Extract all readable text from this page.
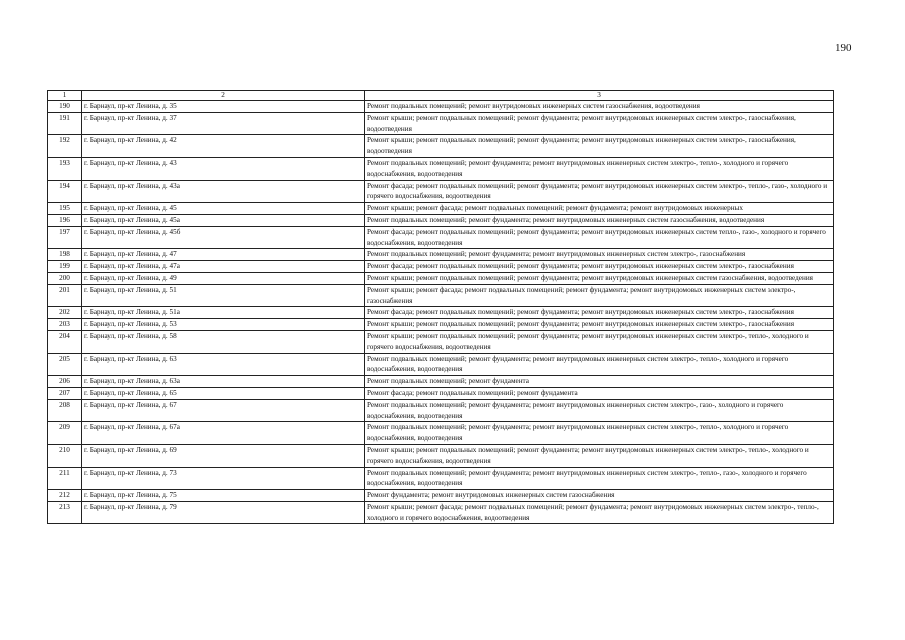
190
1	2	3
190	г. Барнаул, пр-кт Ленина, д. 35	Ремонт подвальных помещений; ремонт внутридомовых инженерных систем газоснабжения, водоотведения
191	г. Барнаул, пр-кт Ленина, д. 37	Ремонт крыши; ремонт подвальных помещений; ремонт фундамента; ремонт внутридомовых инженерных систем электро-, газоснабжения, водоотведения
192	г. Барнаул, пр-кт Ленина, д. 42	Ремонт крыши; ремонт подвальных помещений; ремонт фундамента; ремонт внутридомовых инженерных систем электро-, газоснабжения, водоотведения
193	г. Барнаул, пр-кт Ленина, д. 43	Ремонт подвальных помещений; ремонт фундамента; ремонт внутридомовых инженерных систем электро-, тепло-, холодного и горячего водоснабжения, водоотведения
194	г. Барнаул, пр-кт Ленина, д. 43а	Ремонт фасада; ремонт подвальных помещений; ремонт фундамента; ремонт внутридомовых инженерных систем электро-, тепло-, газо-, холодного и горячего водоснабжения, водоотведения
195	г. Барнаул, пр-кт Ленина, д. 45	Ремонт крыши; ремонт фасада; ремонт подвальных помещений; ремонт фундамента; ремонт внутридомовых инженерных
196	г. Барнаул, пр-кт Ленина, д. 45а	Ремонт подвальных помещений; ремонт фундамента; ремонт внутридомовых инженерных систем газоснабжения, водоотведения
197	г. Барнаул, пр-кт Ленина, д. 45б	Ремонт фасада; ремонт подвальных помещений; ремонт фундамента; ремонт внутридомовых инженерных систем тепло-, газо-, холодного и горячего водоснабжения, водоотведения
198	г. Барнаул, пр-кт Ленина, д. 47	Ремонт подвальных помещений; ремонт фундамента; ремонт внутридомовых инженерных систем электро-, газоснабжения
199	г. Барнаул, пр-кт Ленина, д. 47а	Ремонт фасада; ремонт подвальных помещений; ремонт фундамента; ремонт внутридомовых инженерных систем электро-, газоснабжения
200	г. Барнаул, пр-кт Ленина, д. 49	Ремонт крыши; ремонт подвальных помещений; ремонт фундамента; ремонт внутридомовых инженерных систем газоснабжения, водоотведения
201	г. Барнаул, пр-кт Ленина, д. 51	Ремонт крыши; ремонт фасада; ремонт подвальных помещений; ремонт фундамента; ремонт внутридомовых инженерных систем электро-, газоснабжения
202	г. Барнаул, пр-кт Ленина, д. 51а	Ремонт фасада; ремонт подвальных помещений; ремонт фундамента; ремонт внутридомовых инженерных систем электро-, газоснабжения
203	г. Барнаул, пр-кт Ленина, д. 53	Ремонт крыши; ремонт подвальных помещений; ремонт фундамента; ремонт внутридомовых инженерных систем электро-, газоснабжения
204	г. Барнаул, пр-кт Ленина, д. 58	Ремонт крыши; ремонт подвальных помещений; ремонт фундамента; ремонт внутридомовых инженерных систем электро-, тепло-, холодного и горячего водоснабжения, водоотведения
205	г. Барнаул, пр-кт Ленина, д. 63	Ремонт подвальных помещений; ремонт фундамента; ремонт внутридомовых инженерных систем электро-, тепло-, холодного и горячего водоснабжения, водоотведения
206	г. Барнаул, пр-кт Ленина, д. 63а	Ремонт подвальных помещений; ремонт фундамента
207	г. Барнаул, пр-кт Ленина, д. 65	Ремонт фасада; ремонт подвальных помещений; ремонт фундамента
208	г. Барнаул, пр-кт Ленина, д. 67	Ремонт подвальных помещений; ремонт фундамента; ремонт внутридомовых инженерных систем электро-, газо-, холодного и горячего водоснабжения, водоотведения
209	г. Барнаул, пр-кт Ленина, д. 67а	Ремонт подвальных помещений; ремонт фундамента; ремонт внутридомовых инженерных систем электро-, тепло-, холодного и горячего водоснабжения, водоотведения
210	г. Барнаул, пр-кт Ленина, д. 69	Ремонт крыши; ремонт подвальных помещений; ремонт фундамента; ремонт внутридомовых инженерных систем электро-, тепло-, холодного и горячего водоснабжения, водоотведения
211	г. Барнаул, пр-кт Ленина, д. 73	Ремонт подвальных помещений; ремонт фундамента; ремонт внутридомовых инженерных систем электро-, тепло-, газо-, холодного и горячего водоснабжения, водоотведения
212	г. Барнаул, пр-кт Ленина, д. 75	Ремонт фундамента; ремонт внутридомовых инженерных систем газоснабжения
213	г. Барнаул, пр-кт Ленина, д. 79	Ремонт крыши; ремонт фасада; ремонт подвальных помещений; ремонт фундамента; ремонт внутридомовых инженерных систем электро-, тепло-, холодного и горячего водоснабжения, водоотведения
